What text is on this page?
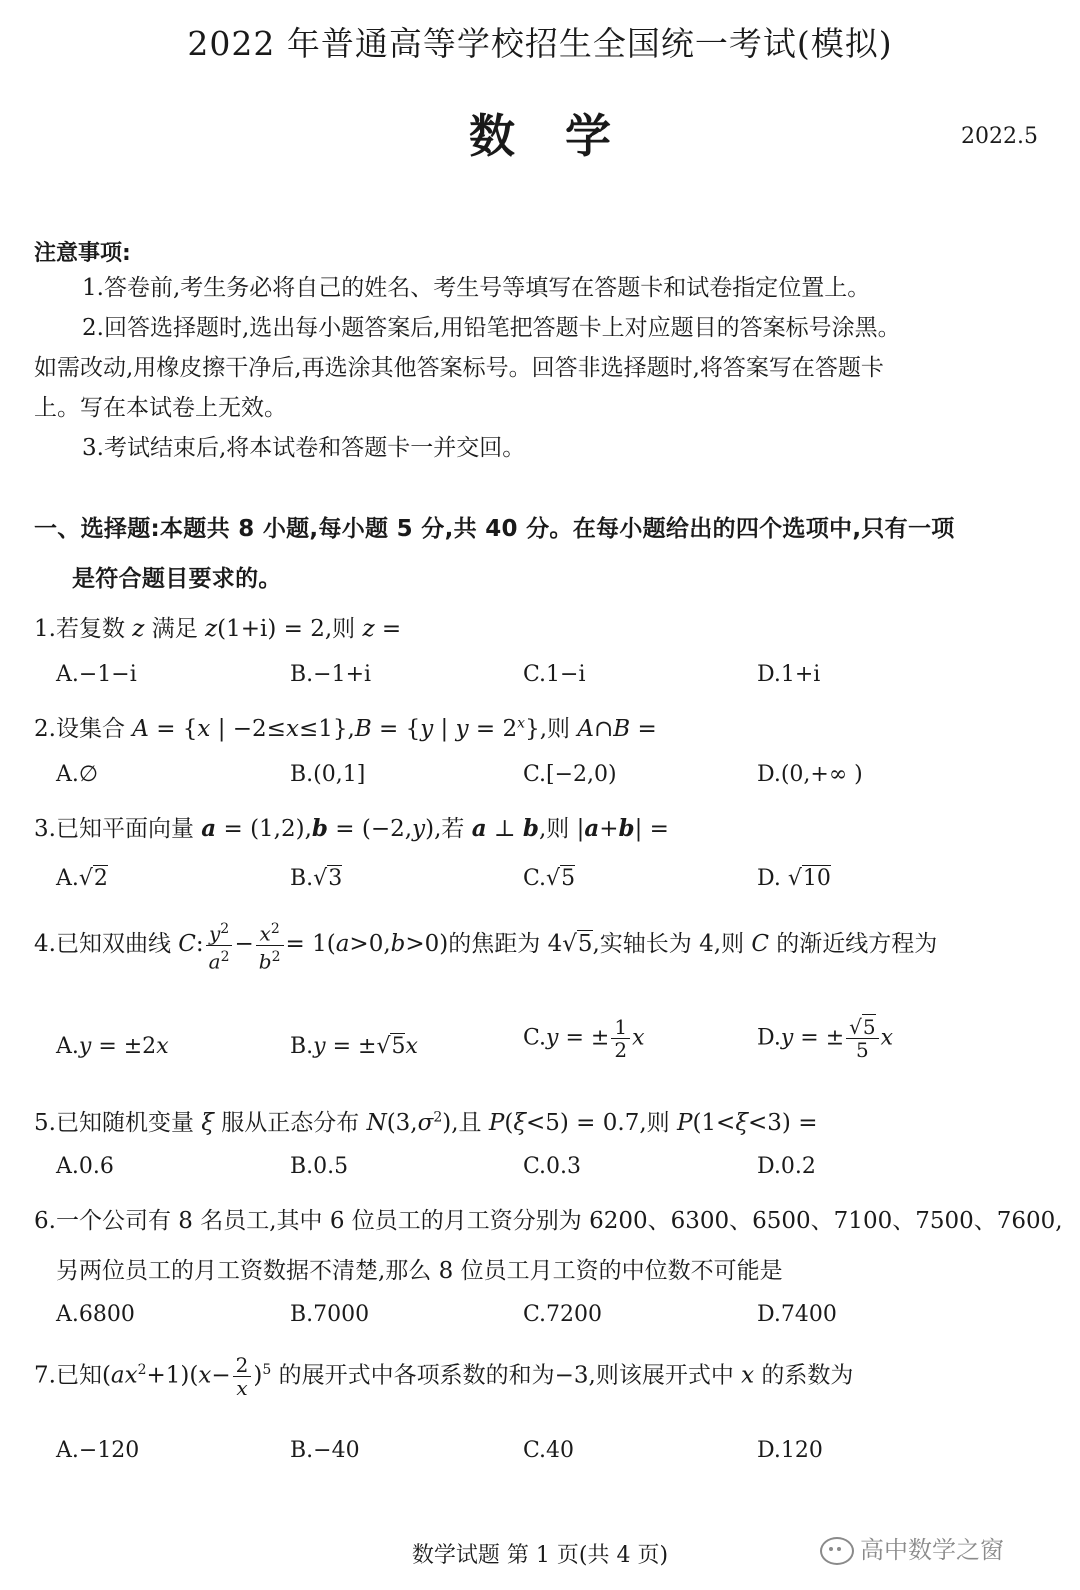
2022 年普通高等学校招生全国统一考试(模拟)
数学	2022.5
注意事项:
1.答卷前,考生务必将自己的姓名、考生号等填写在答题卡和试卷指定位置上。
2.回答选择题时,选出每小题答案后,用铅笔把答题卡上对应题目的答案标号涂黑。
如需改动,用橡皮擦干净后,再选涂其他答案标号。回答非选择题时,将答案写在答题卡
上。写在本试卷上无效。
3.考试结束后,将本试卷和答题卡一并交回。
一、选择题:本题共 8 小题,每小题 5 分,共 40 分。在每小题给出的四个选项中,只有一项
是符合题目要求的。
1.若复数 z 满足 z(1+i) = 2,则 z =
A.−1−i	B.−1+i	C.1−i	D.1+i
2.设集合 A = {x | −2≤x≤1},B = {y | $y = 2^x$},则 A∩B =
A.∅	B.(0,1]	C.[−2,0)	D.(0,+∞ )
3.已知平面向量 a = (1,2),b = (−2,y),若 a ⊥ b,则 |a+b| =
A.√2	B.√3	C.√5	D. √10
4.已知双曲线 C: $\frac{y^2}{a^2} - \frac{x^2}{b^2} = 1(a>0,b>0)$的焦距为 4√5,实轴长为 4,则 C 的渐近线方程为
A.y = ±2x	B.y = ±√5x	C.y = ± $\frac{1}{2}$ x	D.y = ± $\frac{√5}{5}$ x
5.已知随机变量 ξ 服从正态分布 $N(3,\sigma^2)$,且 P(ξ<5) = 0.7,则 P(1<ξ<3) =
A.0.6	B.0.5	C.0.3	D.0.2
6.一个公司有 8 名员工,其中 6 位员工的月工资分别为 6200、6300、6500、7100、7500、7600,
另两位员工的月工资数据不清楚,那么 8 位员工月工资的中位数不可能是
A.6800	B.7000	C.7200	D.7400
7.已知$(ax^2+1)(x- \frac{2}{x} )^5$ 的展开式中各项系数的和为−3,则该展开式中 x 的系数为
A.−120	B.−40	C.40	D.120
数学试题 第 1 页(共 4 页)	高中数学之窗
